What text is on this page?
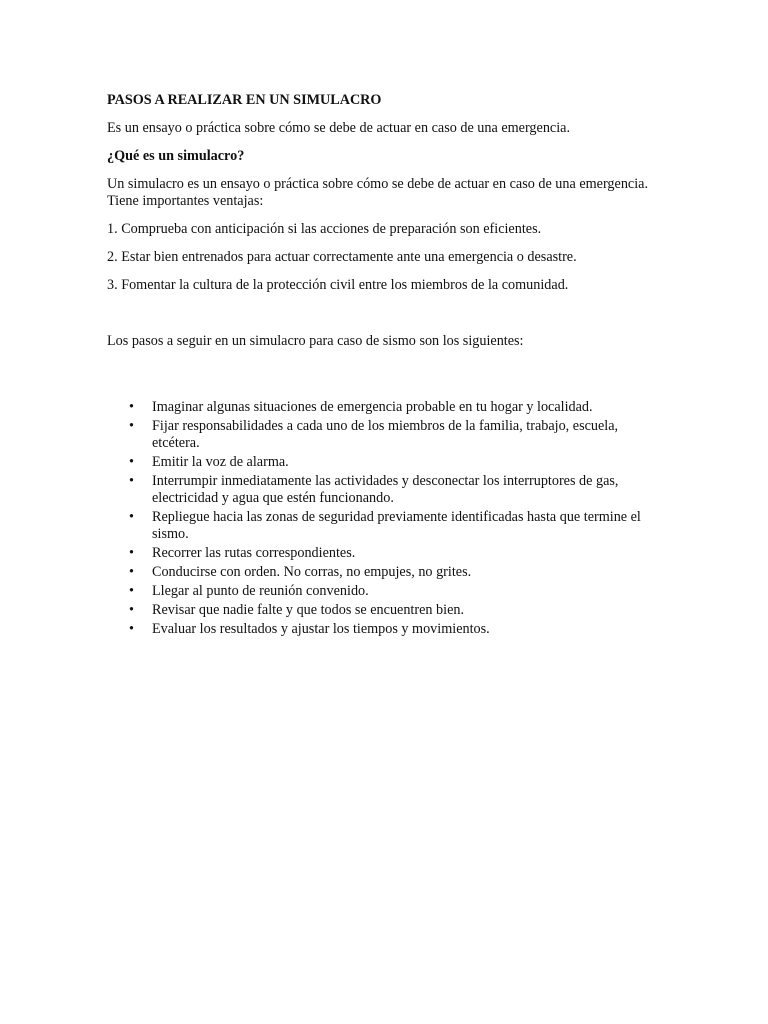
PASOS A REALIZAR EN UN SIMULACRO

Es un ensayo o práctica sobre cómo se debe de actuar en caso de una emergencia.

¿Qué es un simulacro?

Un simulacro es un ensayo o práctica sobre cómo se debe de actuar en caso de una emergencia. Tiene importantes ventajas:

1. Comprueba con anticipación si las acciones de preparación son eficientes.

2. Estar bien entrenados para actuar correctamente ante una emergencia o desastre.

3. Fomentar la cultura de la protección civil entre los miembros de la comunidad.

Los pasos a seguir en un simulacro para caso de sismo son los siguientes:

• Imaginar algunas situaciones de emergencia probable en tu hogar y localidad.
• Fijar responsabilidades a cada uno de los miembros de la familia, trabajo, escuela, etcétera.
• Emitir la voz de alarma.
• Interrumpir inmediatamente las actividades y desconectar los interruptores de gas, electricidad y agua que estén funcionando.
• Repliegue hacia las zonas de seguridad previamente identificadas hasta que termine el sismo.
• Recorrer las rutas correspondientes.
• Conducirse con orden. No corras, no empujes, no grites.
• Llegar al punto de reunión convenido.
• Revisar que nadie falte y que todos se encuentren bien.
• Evaluar los resultados y ajustar los tiempos y movimientos.
